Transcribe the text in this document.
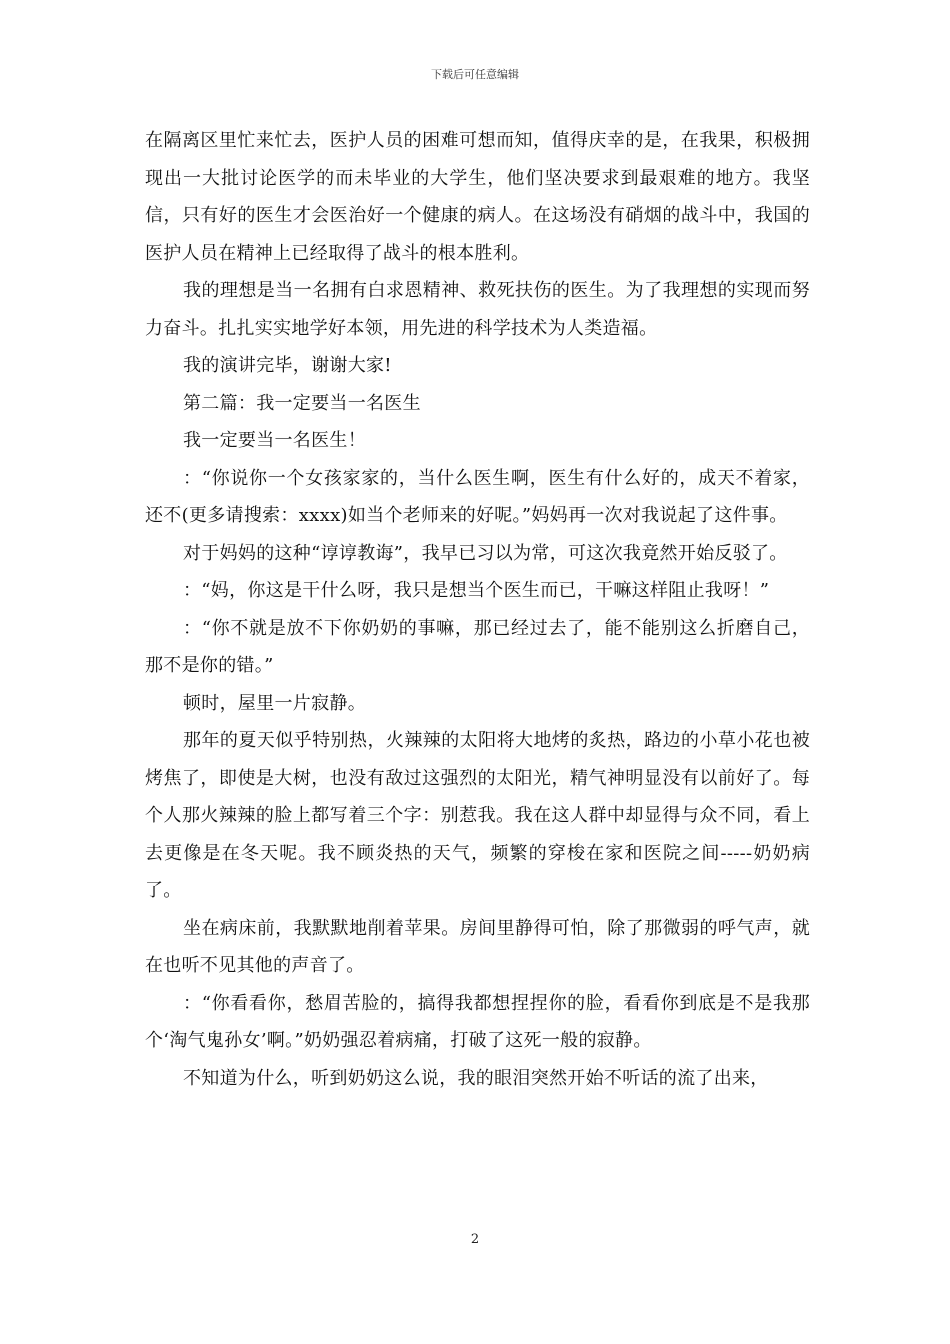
下载后可任意编辑

在隔离区里忙来忙去，医护人员的困难可想而知，值得庆幸的是，在我果，积极拥现出一大批讨论医学的而未毕业的大学生，他们坚决要求到最艰难的地方。我坚信，只有好的医生才会医治好一个健康的病人。在这场没有硝烟的战斗中，我国的医护人员在精神上已经取得了战斗的根本胜利。

我的理想是当一名拥有白求恩精神、救死扶伤的医生。为了我理想的实现而努力奋斗。扎扎实实地学好本领，用先进的科学技术为人类造福。

我的演讲完毕，谢谢大家!

第二篇：我一定要当一名医生

我一定要当一名医生！

：“你说你一个女孩家家的，当什么医生啊，医生有什么好的，成天不着家，还不(更多请搜索：xxxx)如当个老师来的好呢。”妈妈再一次对我说起了这件事。

对于妈妈的这种“谆谆教诲”，我早已习以为常，可这次我竟然开始反驳了。

：“妈，你这是干什么呀，我只是想当个医生而已，干嘛这样阻止我呀！”

：“你不就是放不下你奶奶的事嘛，那已经过去了，能不能别这么折磨自己，那不是你的错。”

顿时，屋里一片寂静。

那年的夏天似乎特别热，火辣辣的太阳将大地烤的炙热，路边的小草小花也被烤焦了，即使是大树，也没有敌过这强烈的太阳光，精气神明显没有以前好了。每个人那火辣辣的脸上都写着三个字：别惹我。我在这人群中却显得与众不同，看上去更像是在冬天呢。我不顾炎热的天气，频繁的穿梭在家和医院之间-----奶奶病了。

坐在病床前，我默默地削着苹果。房间里静得可怕，除了那微弱的呼气声，就在也听不见其他的声音了。

：“你看看你，愁眉苦脸的，搞得我都想捏捏你的脸，看看你到底是不是我那个‘淘气鬼孙女’啊。”奶奶强忍着病痛，打破了这死一般的寂静。

不知道为什么，听到奶奶这么说，我的眼泪突然开始不听话的流了出来，

2
